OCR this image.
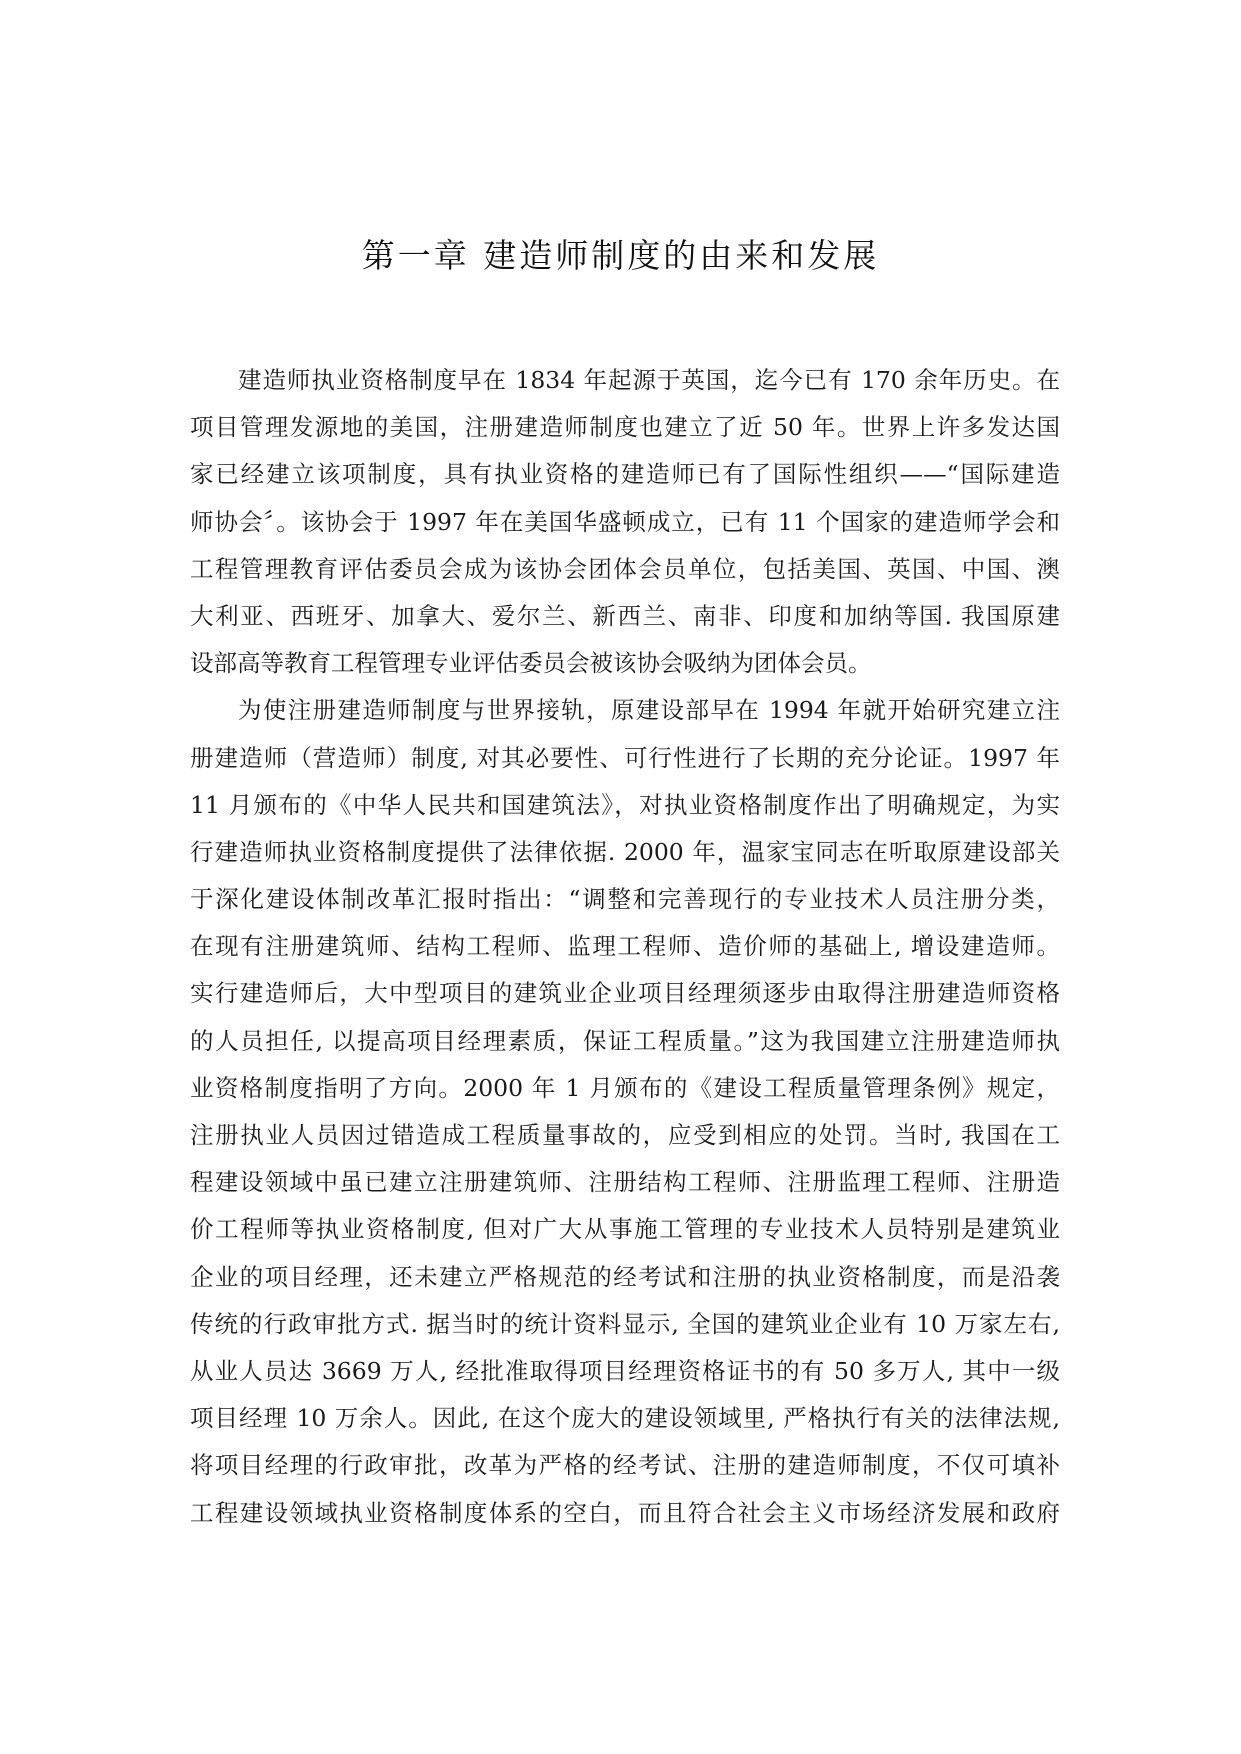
第一章 建造师制度的由来和发展
建造师执业资格制度早在 1834 年起源于英国，迄今已有 170 余年历史。在
项目管理发源地的美国，注册建造师制度也建立了近 50 年。世界上许多发达国
家已经建立该项制度，具有执业资格的建造师已有了国际性组织——“国际建造
师协会〞。该协会于 1997 年在美国华盛顿成立，已有 11 个国家的建造师学会和
工程管理教育评估委员会成为该协会团体会员单位，包括美国、英国、中国、澳
大利亚、西班牙、加拿大、爱尔兰、新西兰、南非、印度和加纳等国. 我国原建
设部高等教育工程管理专业评估委员会被该协会吸纳为团体会员。
为使注册建造师制度与世界接轨，原建设部早在 1994 年就开始研究建立注
册建造师（营造师）制度, 对其必要性、可行性进行了长期的充分论证。1997 年
11 月颁布的《中华人民共和国建筑法》，对执业资格制度作出了明确规定，为实
行建造师执业资格制度提供了法律依据. 2000 年，温家宝同志在听取原建设部关
于深化建设体制改革汇报时指出：“调整和完善现行的专业技术人员注册分类，
在现有注册建筑师、结构工程师、监理工程师、造价师的基础上, 增设建造师。
实行建造师后，大中型项目的建筑业企业项目经理须逐步由取得注册建造师资格
的人员担任, 以提高项目经理素质，保证工程质量。”这为我国建立注册建造师执
业资格制度指明了方向。2000 年 1 月颁布的《建设工程质量管理条例》规定，
注册执业人员因过错造成工程质量事故的，应受到相应的处罚。当时, 我国在工
程建设领域中虽已建立注册建筑师、注册结构工程师、注册监理工程师、注册造
价工程师等执业资格制度, 但对广大从事施工管理的专业技术人员特别是建筑业
企业的项目经理，还未建立严格规范的经考试和注册的执业资格制度，而是沿袭
传统的行政审批方式. 据当时的统计资料显示, 全国的建筑业企业有 10 万家左右,
从业人员达 3669 万人, 经批准取得项目经理资格证书的有 50 多万人, 其中一级
项目经理 10 万余人。因此, 在这个庞大的建设领域里, 严格执行有关的法律法规,
将项目经理的行政审批，改革为严格的经考试、注册的建造师制度，不仅可填补
工程建设领域执业资格制度体系的空白，而且符合社会主义市场经济发展和政府
